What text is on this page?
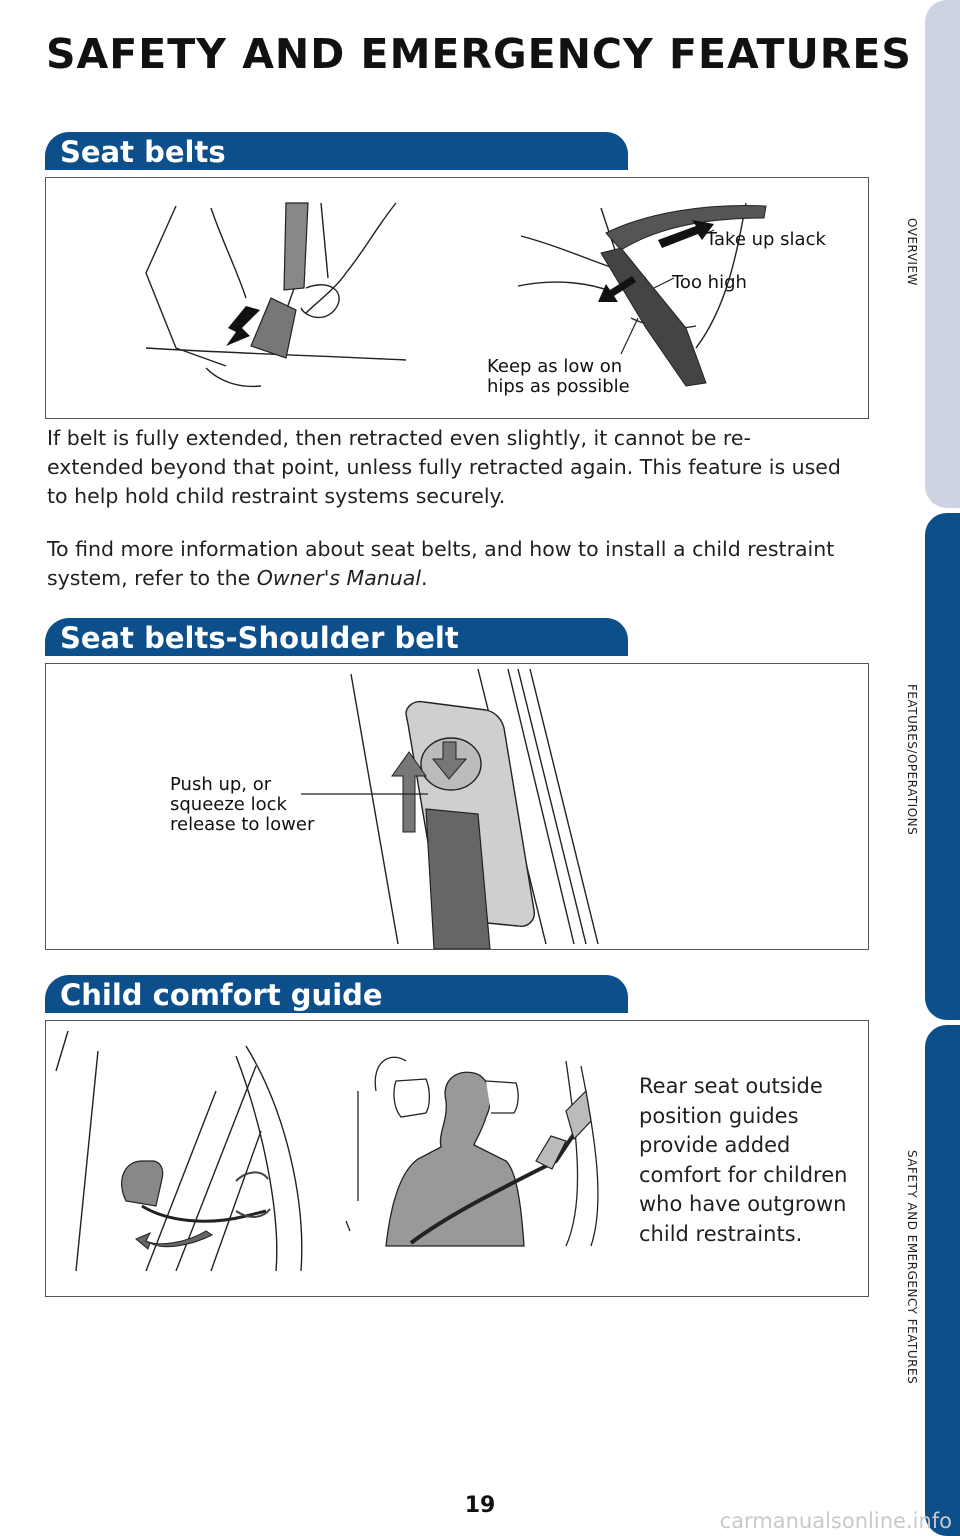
SAFETY AND EMERGENCY FEATURES
Seat belts
Take up slack
Too high
Keep as low on
hips as possible

If belt is fully extended, then retracted even slightly, it cannot be re-extended beyond that point, unless fully retracted again. This feature is used to help hold child restraint systems securely.

To find more information about seat belts, and how to install a child restraint system, refer to the Owner's Manual.

Seat belts-Shoulder belt
Push up, or
squeeze lock
release to lower
Child comfort guide
Rear seat outside
position guides
provide added
comfort for children
who have outgrown
child restraints.
OVERVIEW
FEATURES/OPERATIONS
SAFETY AND EMERGENCY FEATURES
19
carmanualsonline.info
